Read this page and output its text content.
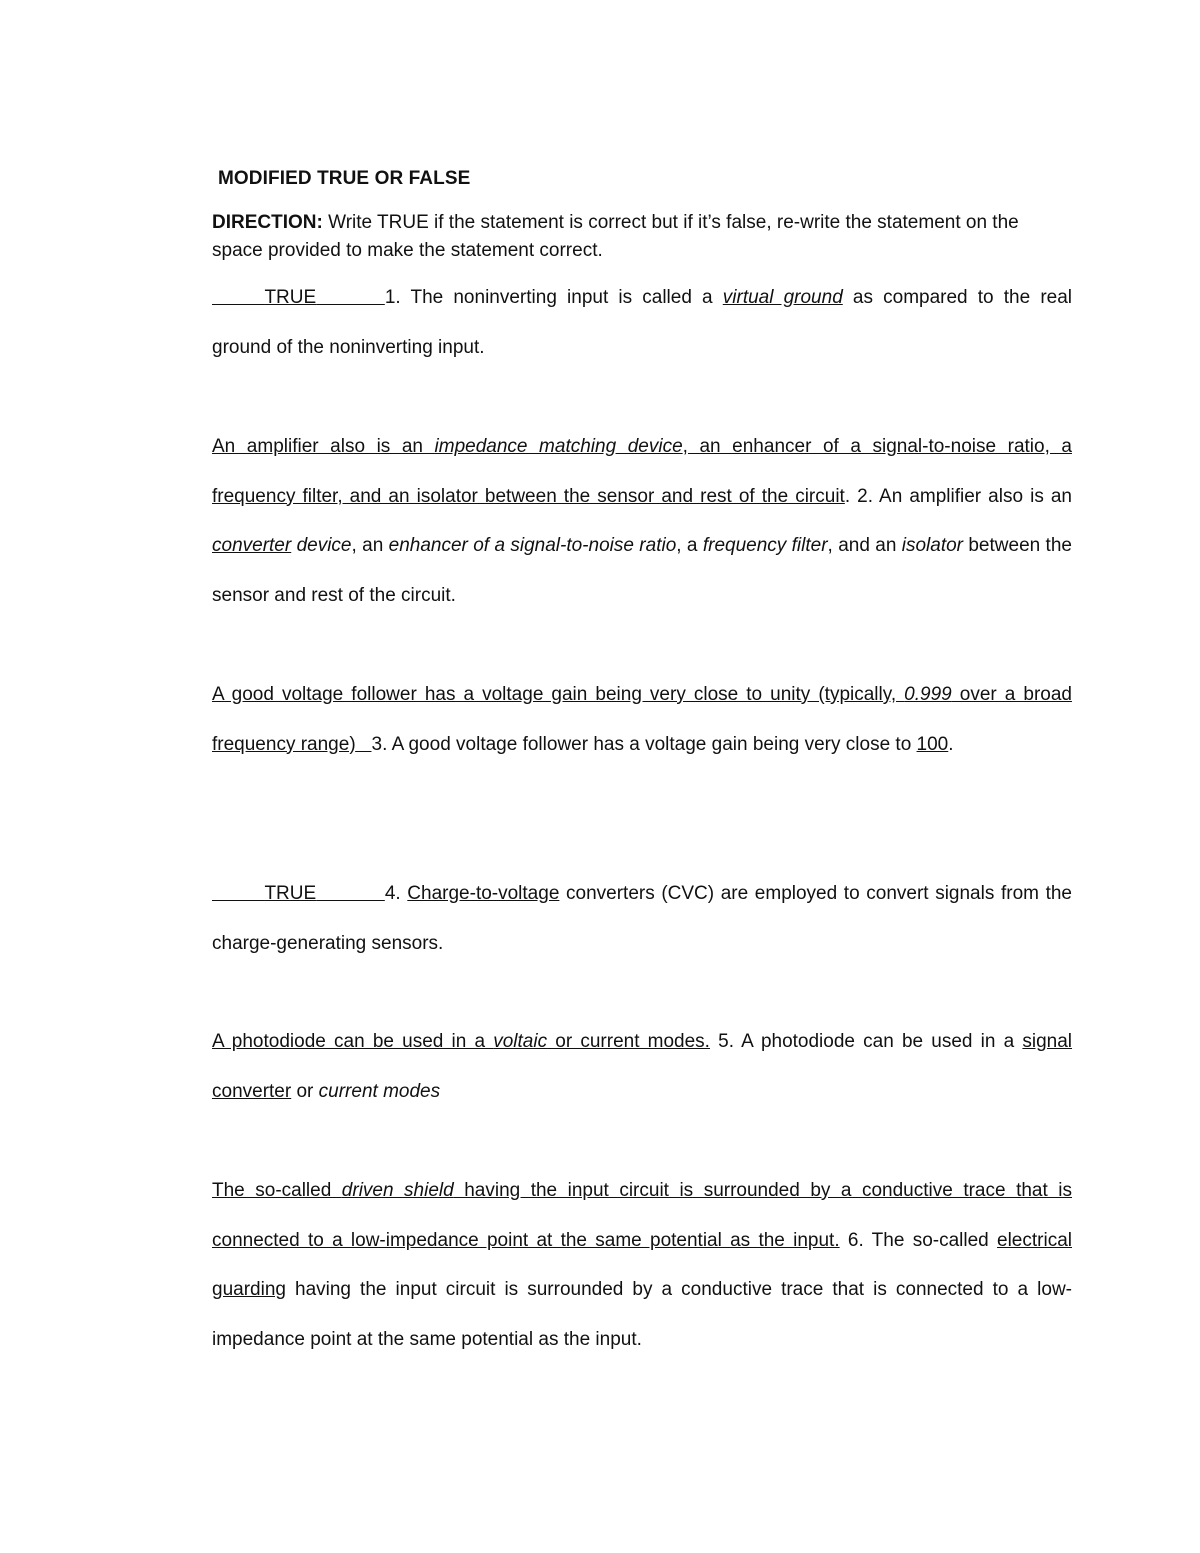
MODIFIED TRUE OR FALSE
DIRECTION: Write TRUE if the statement is correct but if it’s false, re-write the statement on the space provided to make the statement correct.
TRUE	1. The noninverting input is called a virtual ground as compared to the real ground of the noninverting input.
An amplifier also is an impedance matching device, an enhancer of a signal-to-noise ratio, a frequency filter, and an isolator between the sensor and rest of the circuit. 2. An amplifier also is an converter device, an enhancer of a signal-to-noise ratio, a frequency filter, and an isolator between the sensor and rest of the circuit.
A good voltage follower has a voltage gain being very close to unity (typically, 0.999 over a broad frequency range) 3. A good voltage follower has a voltage gain being very close to 100.
TRUE	4. Charge-to-voltage converters (CVC) are employed to convert signals from the charge-generating sensors.
A photodiode can be used in a voltaic or current modes. 5. A photodiode can be used in a signal converter or current modes
The so-called driven shield having the input circuit is surrounded by a conductive trace that is connected to a low-impedance point at the same potential as the input. 6. The so-called electrical guarding having the input circuit is surrounded by a conductive trace that is connected to a low-impedance point at the same potential as the input.
